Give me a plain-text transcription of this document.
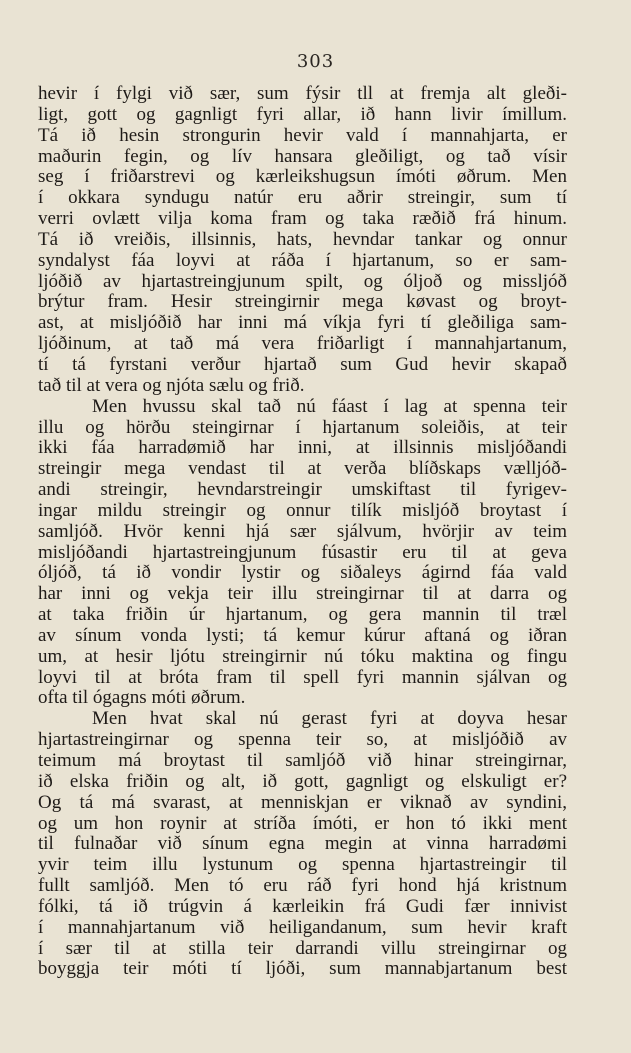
303
hevir í fylgi við sær, sum fýsir tll at fremja alt gleði-
ligt, gott og gagnligt fyri allar, ið hann livir ímillum.
Tá ið hesin strongurin hevir vald í mannahjarta, er
maðurin fegin, og lív hansara gleðiligt, og tað vísir
seg í friðarstrevi og kærleikshugsun ímóti øðrum. Men
í okkara syndugu natúr eru aðrir streingir, sum tí
verri ovlætt vilja koma fram og taka ræðið frá hinum.
Tá ið vreiðis, illsinnis, hats, hevndar tankar og onnur
syndalyst fáa loyvi at ráða í hjartanum, so er sam-
ljóðið av hjartastreingjunum spilt, og óljoð og missljóð
brýtur fram. Hesir streingirnir mega køvast og broyt-
ast, at misljóðið har inni má víkja fyri tí gleðiliga sam-
ljóðinum, at tað má vera friðarligt í mannahjartanum,
tí tá fyrstani verður hjartað sum Gud hevir skapað
tað til at vera og njóta sælu og frið.
Men hvussu skal tað nú fáast í lag at spenna teir
illu og hörðu steingirnar í hjartanum soleiðis, at teir
ikki fáa harradømið har inni, at illsinnis misljóðandi
streingir mega vendast til at verða blíðskaps vælljóð-
andi streingir, hevndarstreingir umskiftast til fyrigev-
ingar mildu streingir og onnur tilík misljóð broytast í
samljóð. Hvör kenni hjá sær sjálvum, hvörjir av teim
misljóðandi hjartastreingjunum fúsastir eru til at geva
óljóð, tá ið vondir lystir og siðaleys ágirnd fáa vald
har inni og vekja teir illu streingirnar til at darra og
at taka friðin úr hjartanum, og gera mannin til træl
av sínum vonda lysti; tá kemur kúrur aftaná og iðran
um, at hesir ljótu streingirnir nú tóku maktina og fingu
loyvi til at bróta fram til spell fyri mannin sjálvan og
ofta til ógagns móti øðrum.
Men hvat skal nú gerast fyri at doyva hesar
hjartastreingirnar og spenna teir so, at misljóðið av
teimum má broytast til samljóð við hinar streingirnar,
ið elska friðin og alt, ið gott, gagnligt og elskuligt er?
Og tá má svarast, at menniskjan er viknað av syndini,
og um hon roynir at stríða ímóti, er hon tó ikki ment
til fulnaðar við sínum egna megin at vinna harradømi
yvir teim illu lystunum og spenna hjartastreingir til
fullt samljóð. Men tó eru ráð fyri hond hjá kristnum
fólki, tá ið trúgvin á kærleikin frá Gudi fær innivist
í mannahjartanum við heiligandanum, sum hevir kraft
í sær til at stilla teir darrandi villu streingirnar og
boyggja teir móti tí ljóði, sum mannabjartanum best
